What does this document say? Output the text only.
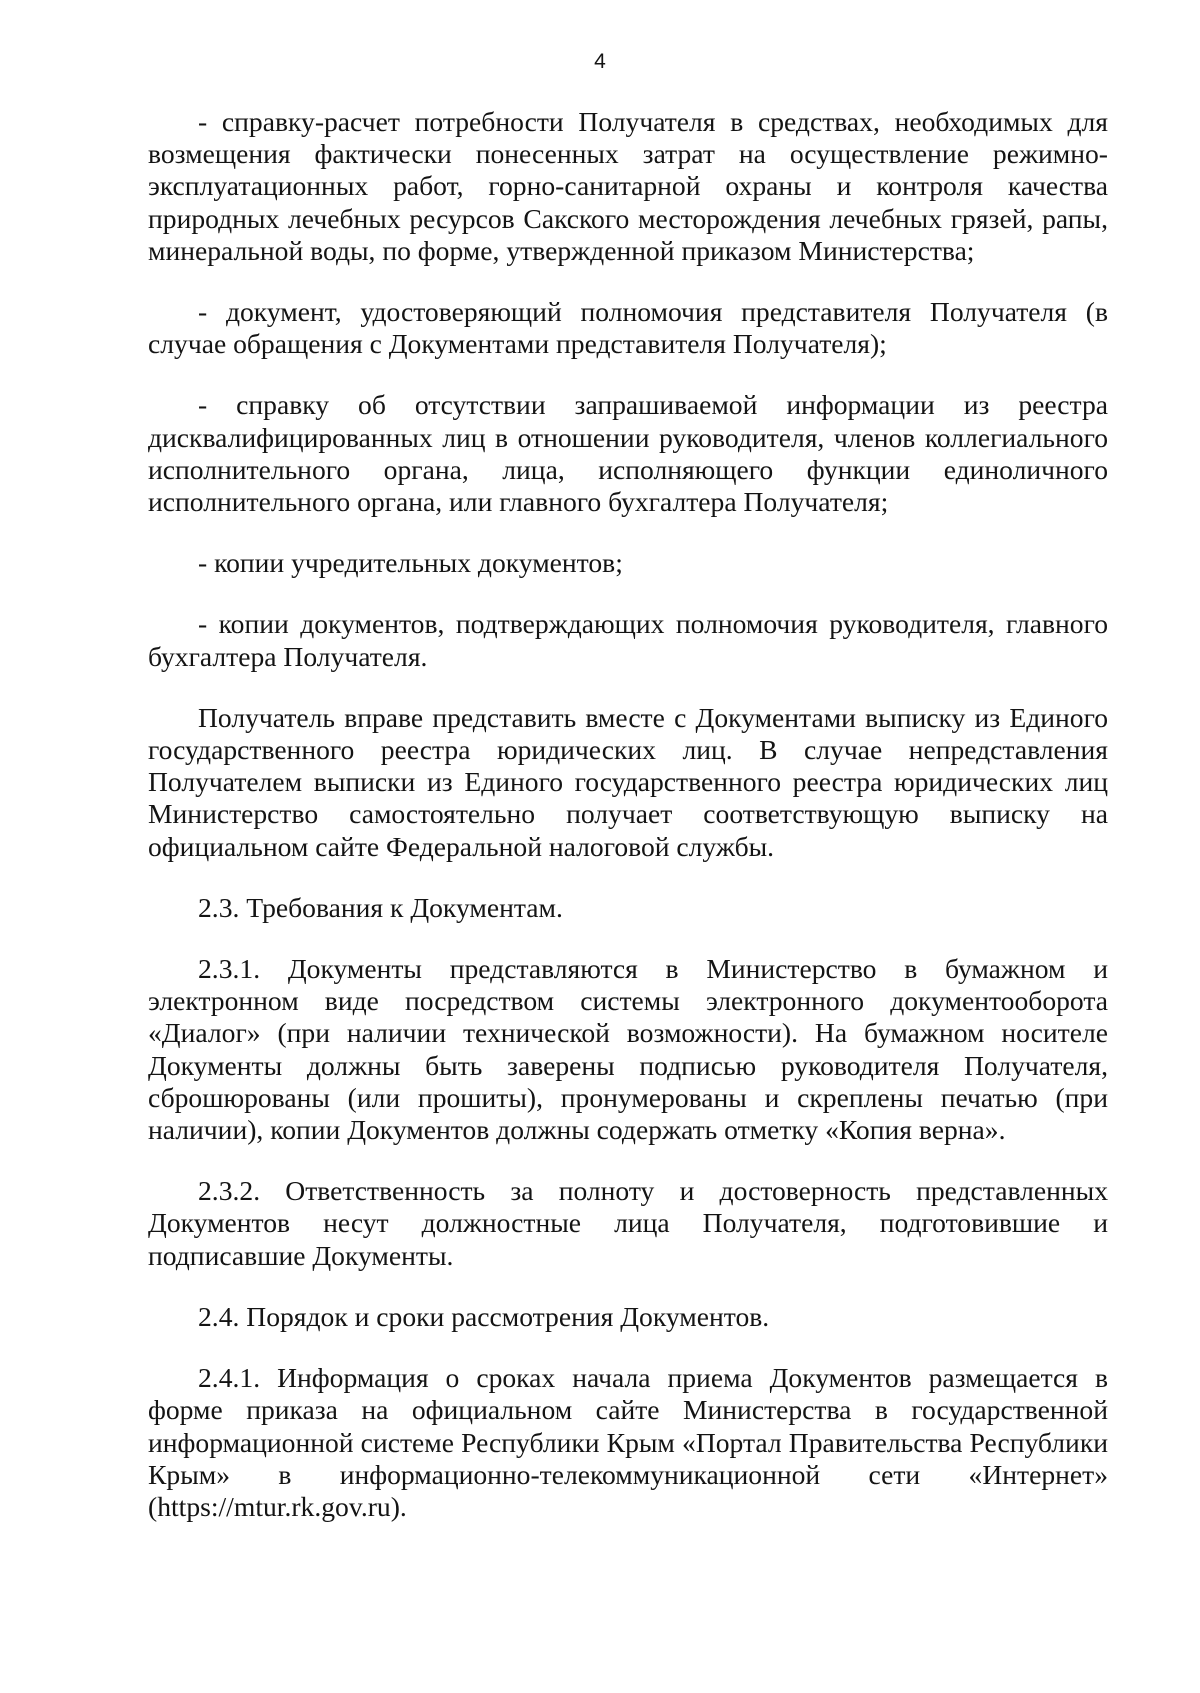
4

- справку-расчет потребности Получателя в средствах, необходимых для возмещения фактически понесенных затрат на осуществление режимно-эксплуатационных работ, горно-санитарной охраны и контроля качества природных лечебных ресурсов Сакского месторождения лечебных грязей, рапы, минеральной воды, по форме, утвержденной приказом Министерства;

- документ, удостоверяющий полномочия представителя Получателя (в случае обращения с Документами представителя Получателя);

- справку об отсутствии запрашиваемой информации из реестра дисквалифицированных лиц в отношении руководителя, членов коллегиального исполнительного органа, лица, исполняющего функции единоличного исполнительного органа, или главного бухгалтера Получателя;

- копии учредительных документов;

- копии документов, подтверждающих полномочия руководителя, главного бухгалтера Получателя.

Получатель вправе представить вместе с Документами выписку из Единого государственного реестра юридических лиц. В случае непредставления Получателем выписки из Единого государственного реестра юридических лиц Министерство самостоятельно получает соответствующую выписку на официальном сайте Федеральной налоговой службы.

2.3. Требования к Документам.

2.3.1. Документы представляются в Министерство в бумажном и электронном виде посредством системы электронного документооборота «Диалог» (при наличии технической возможности). На бумажном носителе Документы должны быть заверены подписью руководителя Получателя, сброшюрованы (или прошиты), пронумерованы и скреплены печатью (при наличии), копии Документов должны содержать отметку «Копия верна».

2.3.2. Ответственность за полноту и достоверность представленных Документов несут должностные лица Получателя, подготовившие и подписавшие Документы.

2.4. Порядок и сроки рассмотрения Документов.

2.4.1. Информация о сроках начала приема Документов размещается в форме приказа на официальном сайте Министерства в государственной информационной системе Республики Крым «Портал Правительства Республики Крым» в информационно-телекоммуникационной сети «Интернет» (https://mtur.rk.gov.ru).
